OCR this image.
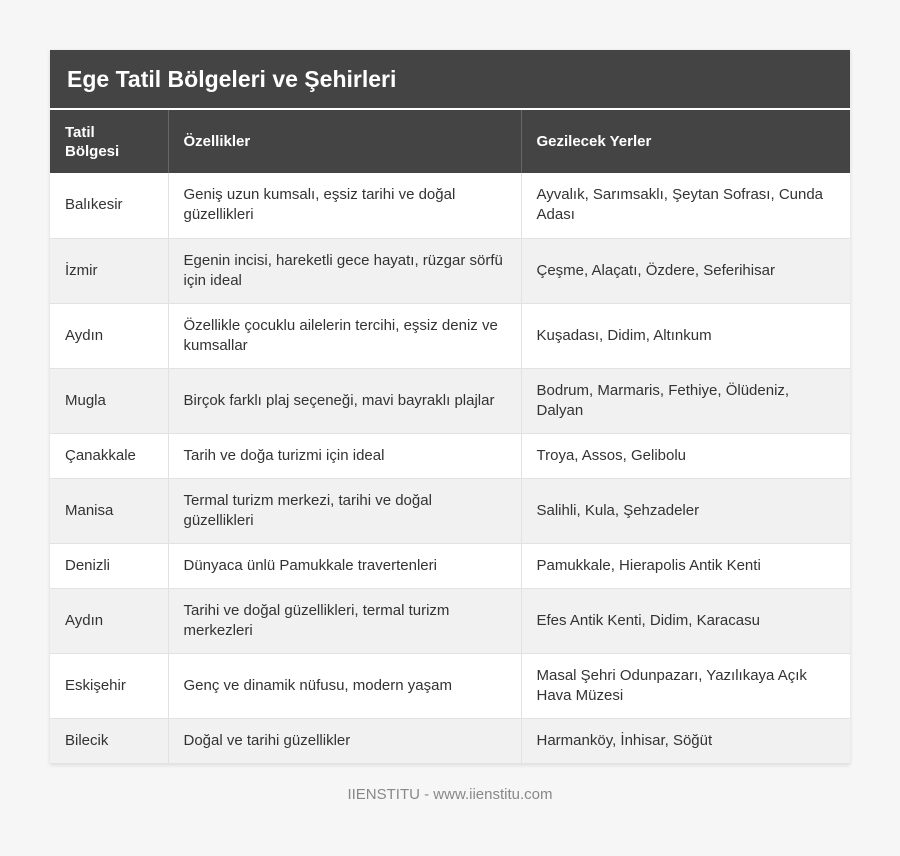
Ege Tatil Bölgeleri ve Şehirleri
Tatil Bölgesi	Özellikler	Gezilecek Yerler
Balıkesir	Geniş uzun kumsalı, eşsiz tarihi ve doğal güzellikleri	Ayvalık, Sarımsaklı, Şeytan Sofrası, Cunda Adası
İzmir	Egenin incisi, hareketli gece hayatı, rüzgar sörfü için ideal	Çeşme, Alaçatı, Özdere, Seferihisar
Aydın	Özellikle çocuklu ailelerin tercihi, eşsiz deniz ve kumsallar	Kuşadası, Didim, Altınkum
Mugla	Birçok farklı plaj seçeneği, mavi bayraklı plajlar	Bodrum, Marmaris, Fethiye, Ölüdeniz, Dalyan
Çanakkale	Tarih ve doğa turizmi için ideal	Troya, Assos, Gelibolu
Manisa	Termal turizm merkezi, tarihi ve doğal güzellikleri	Salihli, Kula, Şehzadeler
Denizli	Dünyaca ünlü Pamukkale travertenleri	Pamukkale, Hierapolis Antik Kenti
Aydın	Tarihi ve doğal güzellikleri, termal turizm merkezleri	Efes Antik Kenti, Didim, Karacasu
Eskişehir	Genç ve dinamik nüfusu, modern yaşam	Masal Şehri Odunpazarı, Yazılıkaya Açık Hava Müzesi
Bilecik	Doğal ve tarihi güzellikler	Harmanköy, İnhisar, Söğüt
IIENSTITU - www.iienstitu.com
